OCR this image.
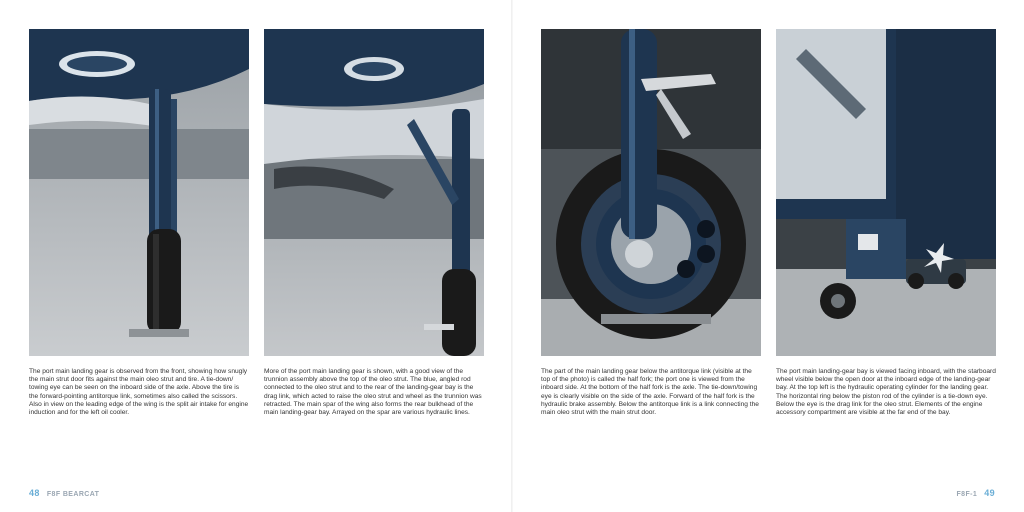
The port main landing gear is observed from the front, showing how snugly the main strut door fits against the main oleo strut and tire. A tie-down/ towing eye can be seen on the inboard side of the axle. Above the tire is the forward-pointing antitorque link, sometimes also called the scissors. Also in view on the leading edge of the wing is the split air intake for engine induction and for the left oil cooler.

More of the port main landing gear is shown, with a good view of the trunnion assembly above the top of the oleo strut. The blue, angled rod connected to the oleo strut and to the rear of the landing-gear bay is the drag link, which acted to raise the oleo strut and wheel as the trunnion was retracted. The main spar of the wing also forms the rear bulkhead of the main landing-gear bay. Arrayed on the spar are various hydraulic lines.

48 F8F BEARCAT

The part of the main landing gear below the antitorque link (visible at the top of the photo) is called the half fork; the port one is viewed from the inboard side. At the bottom of the half fork is the axle. The tie-down/towing eye is clearly visible on the side of the axle. Forward of the half fork is the hydraulic brake assembly. Below the antitorque link is a link connecting the main oleo strut with the main strut door.

The port main landing-gear bay is viewed facing inboard, with the starboard wheel visible below the open door at the inboard edge of the landing-gear bay. At the top left is the hydraulic operating cylinder for the landing gear. The horizontal ring below the piston rod of the cylinder is a tie-down eye. Below the eye is the drag link for the oleo strut. Elements of the engine accessory compartment are visible at the far end of the bay.

F8F-1 49
